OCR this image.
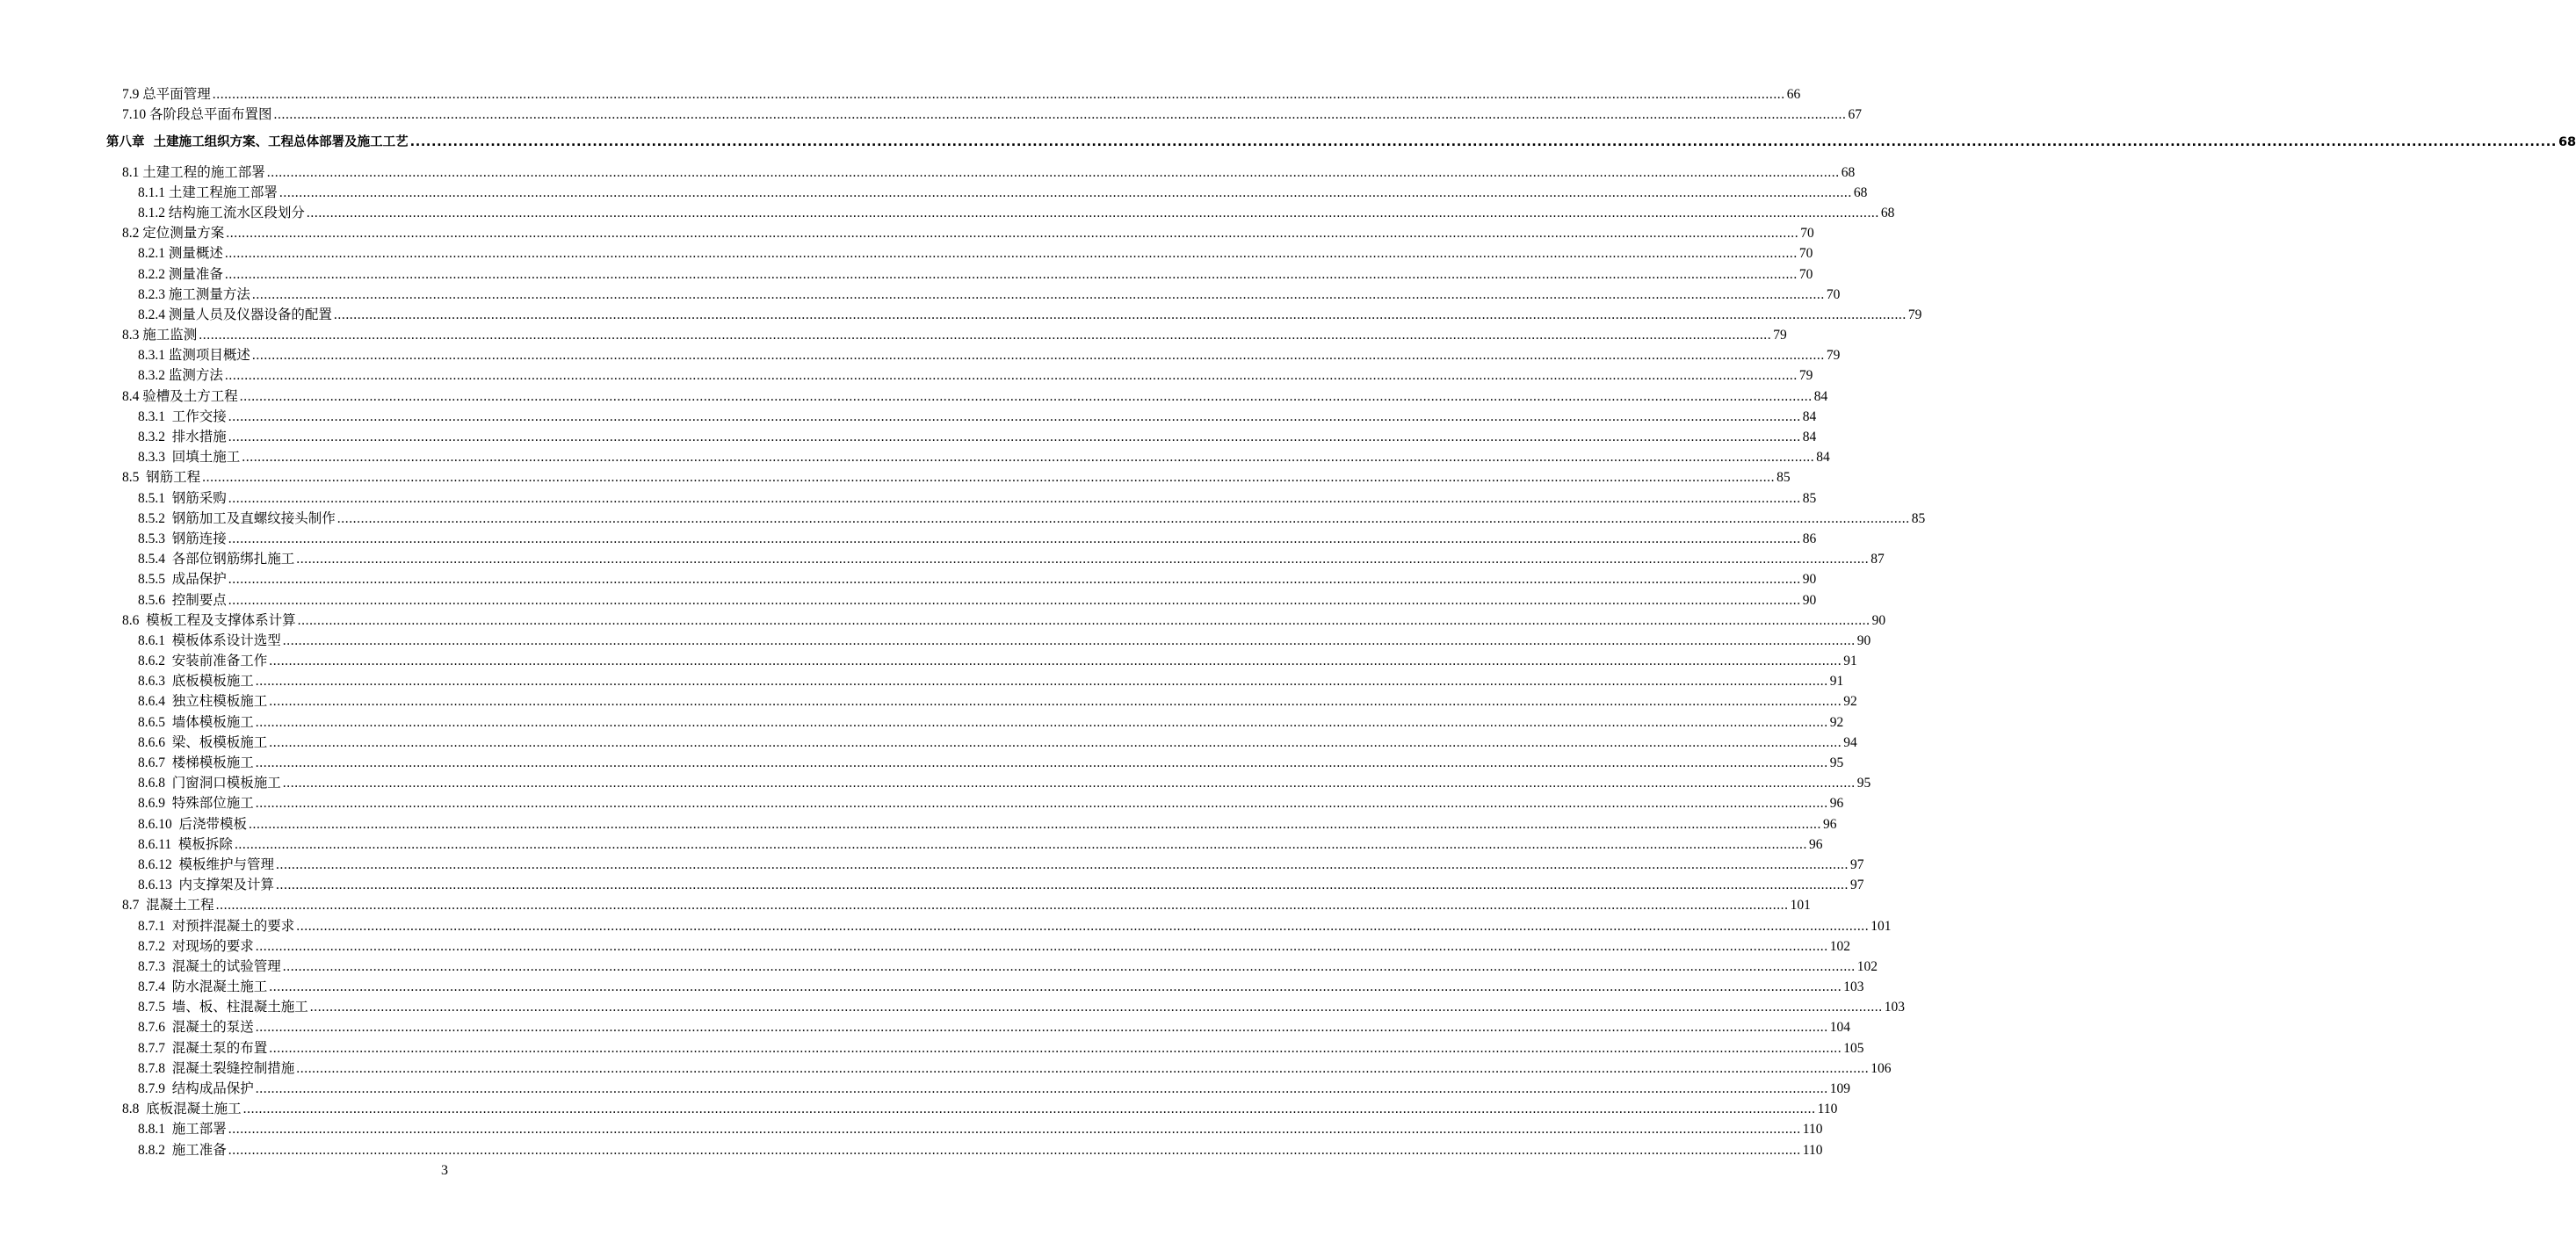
7.9 总平面管理 ................................................................................................................................................................................................................................................................................................................................................................................................................ 66
7.10 各阶段总平面布置图 ................................................................................................................................................................................................................................................................................................................................................................................................................ 67
第八章  土建施工组织方案、工程总体部署及施工工艺 ................................................................................................................................................................................................................................................................................................................................................................................................................ 68
8.1 土建工程的施工部署 ................................................................................................................................................................................................................................................................................................................................................................................................................ 68
8.1.1 土建工程施工部署 ................................................................................................................................................................................................................................................................................................................................................................................................................ 68
8.1.2 结构施工流水区段划分 ................................................................................................................................................................................................................................................................................................................................................................................................................ 68
8.2 定位测量方案 ................................................................................................................................................................................................................................................................................................................................................................................................................ 70
8.2.1 测量概述 ................................................................................................................................................................................................................................................................................................................................................................................................................ 70
8.2.2 测量准备 ................................................................................................................................................................................................................................................................................................................................................................................................................ 70
8.2.3 施工测量方法 ................................................................................................................................................................................................................................................................................................................................................................................................................ 70
8.2.4 测量人员及仪器设备的配置 ................................................................................................................................................................................................................................................................................................................................................................................................................ 79
8.3 施工监测 ................................................................................................................................................................................................................................................................................................................................................................................................................ 79
8.3.1 监测项目概述 ................................................................................................................................................................................................................................................................................................................................................................................................................ 79
8.3.2 监测方法 ................................................................................................................................................................................................................................................................................................................................................................................................................ 79
8.4 验槽及土方工程 ................................................................................................................................................................................................................................................................................................................................................................................................................ 84
8.3.1  工作交接 ................................................................................................................................................................................................................................................................................................................................................................................................................ 84
8.3.2  排水措施 ................................................................................................................................................................................................................................................................................................................................................................................................................ 84
8.3.3  回填土施工 ................................................................................................................................................................................................................................................................................................................................................................................................................ 84
8.5  钢筋工程 ................................................................................................................................................................................................................................................................................................................................................................................................................ 85
8.5.1  钢筋采购 ................................................................................................................................................................................................................................................................................................................................................................................................................ 85
8.5.2  钢筋加工及直螺纹接头制作 ................................................................................................................................................................................................................................................................................................................................................................................................................ 85
8.5.3  钢筋连接 ................................................................................................................................................................................................................................................................................................................................................................................................................ 86
8.5.4  各部位钢筋绑扎施工 ................................................................................................................................................................................................................................................................................................................................................................................................................ 87
8.5.5  成品保护 ................................................................................................................................................................................................................................................................................................................................................................................................................ 90
8.5.6  控制要点 ................................................................................................................................................................................................................................................................................................................................................................................................................ 90
8.6  模板工程及支撑体系计算 ................................................................................................................................................................................................................................................................................................................................................................................................................ 90
8.6.1  模板体系设计选型 ................................................................................................................................................................................................................................................................................................................................................................................................................ 90
8.6.2  安装前准备工作 ................................................................................................................................................................................................................................................................................................................................................................................................................ 91
8.6.3  底板模板施工 ................................................................................................................................................................................................................................................................................................................................................................................................................ 91
8.6.4  独立柱模板施工 ................................................................................................................................................................................................................................................................................................................................................................................................................ 92
8.6.5  墙体模板施工 ................................................................................................................................................................................................................................................................................................................................................................................................................ 92
8.6.6  梁、板模板施工 ................................................................................................................................................................................................................................................................................................................................................................................................................ 94
8.6.7  楼梯模板施工 ................................................................................................................................................................................................................................................................................................................................................................................................................ 95
8.6.8  门窗洞口模板施工 ................................................................................................................................................................................................................................................................................................................................................................................................................ 95
8.6.9  特殊部位施工 ................................................................................................................................................................................................................................................................................................................................................................................................................ 96
8.6.10  后浇带模板 ................................................................................................................................................................................................................................................................................................................................................................................................................ 96
8.6.11  模板拆除 ................................................................................................................................................................................................................................................................................................................................................................................................................ 96
8.6.12  模板维护与管理 ................................................................................................................................................................................................................................................................................................................................................................................................................ 97
8.6.13  内支撑架及计算 ................................................................................................................................................................................................................................................................................................................................................................................................................ 97
8.7  混凝土工程 ................................................................................................................................................................................................................................................................................................................................................................................................................ 101
8.7.1  对预拌混凝土的要求 ................................................................................................................................................................................................................................................................................................................................................................................................................ 101
8.7.2  对现场的要求 ................................................................................................................................................................................................................................................................................................................................................................................................................ 102
8.7.3  混凝土的试验管理 ................................................................................................................................................................................................................................................................................................................................................................................................................ 102
8.7.4  防水混凝土施工 ................................................................................................................................................................................................................................................................................................................................................................................................................ 103
8.7.5  墙、板、柱混凝土施工 ................................................................................................................................................................................................................................................................................................................................................................................................................ 103
8.7.6  混凝土的泵送 ................................................................................................................................................................................................................................................................................................................................................................................................................ 104
8.7.7  混凝土泵的布置 ................................................................................................................................................................................................................................................................................................................................................................................................................ 105
8.7.8  混凝土裂缝控制措施 ................................................................................................................................................................................................................................................................................................................................................................................................................ 106
8.7.9  结构成品保护 ................................................................................................................................................................................................................................................................................................................................................................................................................ 109
8.8  底板混凝土施工 ................................................................................................................................................................................................................................................................................................................................................................................................................ 110
8.8.1  施工部署 ................................................................................................................................................................................................................................................................................................................................................................................................................ 110
8.8.2  施工准备 ................................................................................................................................................................................................................................................................................................................................................................................................................ 110
3
